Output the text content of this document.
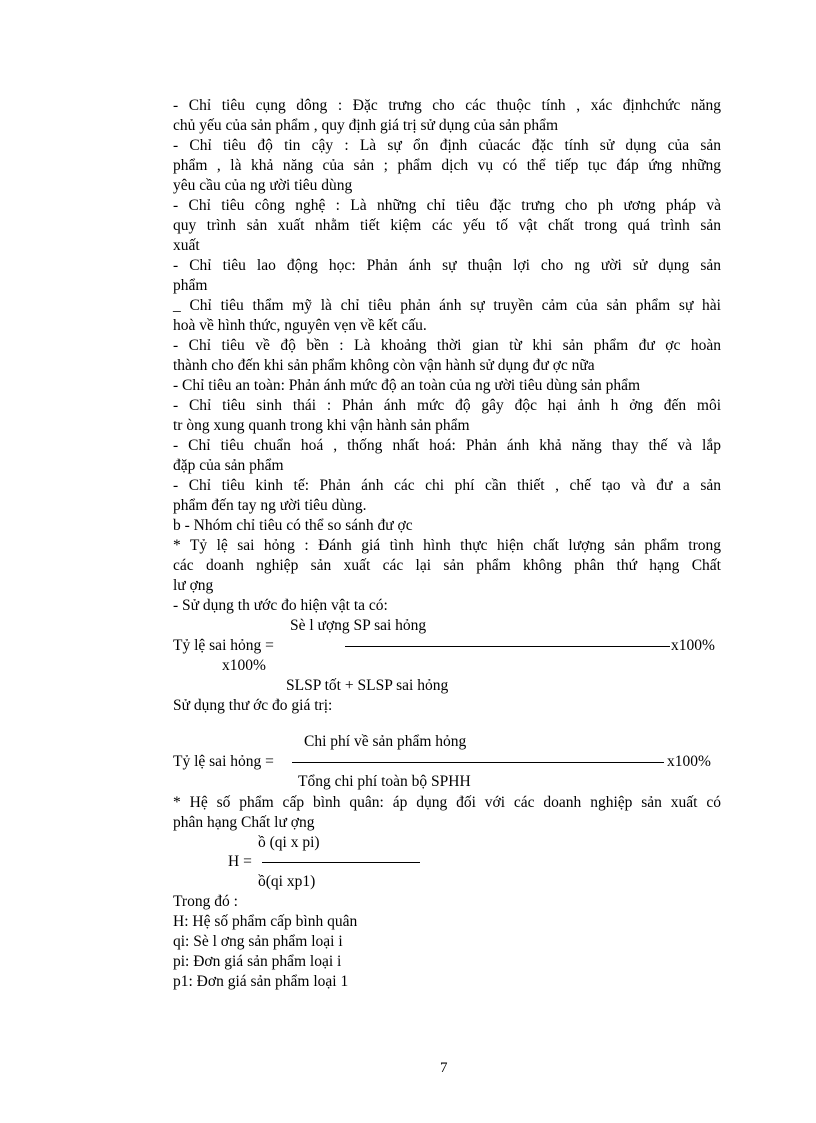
- Chỉ tiêu cụng dông : Đặc trưng cho các thuộc tính , xác địnhchức năng
chủ yếu của sản phẩm , quy định giá trị sử dụng của sản phẩm
- Chỉ tiêu độ tin cậy : Là sự ổn định củacác đặc tính sử dụng của sản
phẩm , là khả năng của sản ; phẩm dịch vụ có thể tiếp tục đáp ứng những
yêu cầu của ng ười tiêu dùng
- Chỉ tiêu công nghệ : Là những chỉ tiêu đặc trưng cho ph ương pháp và
quy trình sản xuất nhằm tiết kiệm các yếu tố vật chất trong quá trình sản
xuất
- Chỉ tiêu lao động học: Phản ánh sự thuận lợi cho ng ười sử dụng sản
phẩm
_ Chỉ tiêu thẩm mỹ là chỉ tiêu phản ánh sự truyền cảm của sản phẩm sự hài
hoà về hình thức, nguyên vẹn về kết cấu.
- Chỉ tiêu về độ bền : Là khoảng thời gian từ khi sản phẩm đư ợc hoàn
thành cho đến khi sản phẩm không còn vận hành sử dụng đư ợc nữa
- Chỉ tiêu an toàn: Phản ánh mức độ an toàn của ng ười tiêu dùng sản phẩm
- Chỉ tiêu sinh thái : Phản ánh mức độ gây độc hại ảnh h ởng đến môi
tr òng xung quanh trong khi vận hành sản phẩm
- Chỉ tiêu chuẩn hoá , thống nhất hoá: Phản ánh khả năng thay thế và lắp
đặp của sản phẩm
- Chỉ tiêu kinh tế: Phản ánh các chi phí cần thiết , chế tạo và đư a sản
phẩm đến tay ng ười tiêu dùng.
b - Nhóm chỉ tiêu có thể so sánh đư ợc
* Tỷ lệ sai hỏng : Đánh giá tình hình thực hiện chất lượng sản phẩm trong
các doanh nghiệp sản xuất các lại sản phẩm không phân thứ hạng Chất
lư ợng
- Sử dụng th ước đo hiện vật ta có:
Sè l ượng SP sai hỏng
Tỷ lệ sai hỏng =	x100%
x100%
SLSP tốt + SLSP sai hỏng
Sử dụng thư ớc đo giá trị:
Chi phí về sản phẩm hỏng
Tỷ lệ sai hỏng =	x100%
Tổng chi phí toàn bộ SPHH
* Hệ số phẩm cấp bình quân: áp dụng đối với các doanh nghiệp sản xuất có
phân hạng Chất lư ợng
ồ (qi x pi)
H =
ồ(qi xp1)
Trong đó :
H: Hệ số phẩm cấp bình quân
qi: Sè l ơng sản phẩm loại i
pi: Đơn giá sản phẩm loại i
p1: Đơn giá sản phẩm loại 1
7
